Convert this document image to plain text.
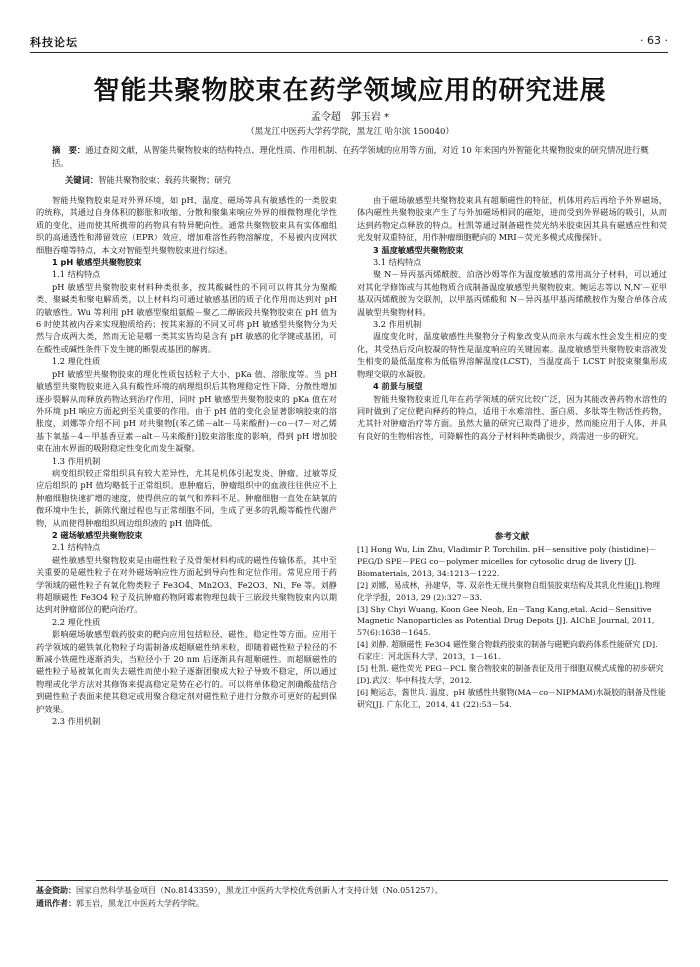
科技论坛	· 63 ·
智能共聚物胶束在药学领域应用的研究进展
孟令超　郭玉岩 *
（黑龙江中医药大学药学院，黑龙江 哈尔滨 150040）
摘　要：通过查阅文献，从智能共聚物胶束的结构特点、理化性质、作用机制、在药学领域的应用等方面，对近 10 年来国内外智能化共聚物胶束的研究情况进行概括。
关键词：智能共聚物胶束；载药共聚物；研究
智能共聚物胶束是对外界环境，如 pH、温度、磁场等具有敏感性的一类胶束的统称，其通过自身体积的膨胀和收缩、分散和聚集来响应外界的细微物理化学性质的变化，进而使其所携带的药物具有特异靶向性。通常共聚物胶束具有实体瘤组织的高通透性和滞留效应（EPR）效应，增加难溶性药物溶解度，不易被内皮网状细胞吞噬等特点，本文对智能型共聚物胶束进行综述。
1 pH 敏感型共聚物胶束
1.1 结构特点
pH 敏感型共聚物胶束材料种类很多，按其酸碱性的不同可以将其分为聚酸类、聚碱类和聚电解质类，以上材料均可通过敏感基团的质子化作用而达到对 pH 的敏感性。Wu 等利用 pH 敏感型聚组氨酸－聚乙二醇嵌段共聚物胶束在 pH 值为 6 时使其被内吞来实现胞质给药；按其来源的不同又可将 pH 敏感型共聚物分为天然与合成两大类，然而无论是哪一类其实皆均是含有 pH 敏感的化学键或基团，可在酸性或碱性条件下发生键的断裂或基团的解离。
1.2 理化性质
pH 敏感型共聚物胶束的理化性质包括粒子大小、pKa 值、溶胀度等。当 pH 敏感型共聚物胶束进入具有酸性环境的病理组织后其物理稳定性下降、分散性增加逐步裂解从而释放药物达到治疗作用，同时 pH 敏感型共聚物胶束的 pKa 值在对外环境 pH 响应方面起到至关重要的作用。由于 pH 值的变化会显著影响胶束的溶胀度，刘娜等介绍不同 pH 对共聚物[(苯乙烯－alt－马来酸酐)－co－(7－对乙烯基卞氧基－4－甲基香豆素－alt－马来酸酐)]胶束溶胀度的影响，得到 pH 增加胶束在油水界面的吸附稳定性变化而发生凝聚。
1.3 作用机制
病变组织较正常组织具有较大差异性，尤其是机体引起发炎、肿瘤、过敏等反应后组织的 pH 值均略低于正常组织。患肿瘤后，肿瘤组织中的血液往往供应不上肿瘤细胞快速扩增的速度，使得供应的氧气和养料不足。肿瘤细胞一直处在缺氧的微环境中生长，新陈代谢过程也与正常细胞不同，生成了更多的乳酸等酸性代谢产物，从而使得肿瘤组织周边组织液的 pH 值降低。
2 磁场敏感型共聚物胶束
2.1 结构特点
磁性敏感型共聚物胶束是由磁性粒子及骨架材料构成的磁性传输体系，其中至关重要的是磁性粒子在对外磁场响应性方面起到导向性和定位作用。常见应用于药学领域的磁性粒子有氧化物类粒子 Fe3O4、Mn2O3、Fe2O3、Ni、Fe 等。刘静将超顺磁性 Fe3O4 粒子及抗肿瘤药物阿霉素物理包载于三嵌段共聚物胶束内以期达到对肿瘤部位的靶向治疗。
2.2 理化性质
影响磁场敏感型载药胶束的靶向应用包括粒径、磁性、稳定性等方面。应用于药学领域的磁铁氧化物粒子均需制备成超顺磁性纳米粒，即随着磁性粒子粒径的不断减小铁磁性逐渐消失，当粒径小于 20 nm 后逐渐具有超顺磁性。而超顺磁性的磁性粒子易被氧化而失去磁性而使小粒子逐渐团聚成大粒子导致不稳定，所以通过物理或化学方法对其修饰来提高稳定是势在必行的。可以将单体稳定剂确酸盐结合到磁性粒子表面来使其稳定或用聚合稳定剂对磁性粒子进行分散亦可更好的起到保护效果。
2.3 作用机制
由于磁场敏感型共聚物胶束具有超顺磁性的特征，机体用药后再给予外界磁场，体内磁性共聚物胶束产生了与外加磁场相同的磁矩，进而受到外界磁场的吸引，从而达到药物定点释放的特点。杜凯等通过制备磁性荧光纳米胶束因其具有磁感应性和荧光发射双重特征，用作肿瘤细胞靶向的 MRI－荧光多模式成像探针。
3 温度敏感型共聚物胶束
3.1 结构特点
聚 N－异丙基丙烯酰胺、泊洛沙姆等作为温度敏感的常用高分子材料，可以通过对其化学修饰或与其他物质合成制备温度敏感型共聚物胶束。鲍运志等以 N,N′－亚甲基双丙烯酰胺为交联剂，以甲基丙烯酸和 N－异丙基甲基丙烯酰胺作为聚合单体合成温敏型共聚物材料。
3.2 作用机制
温度变化时，温度敏感性共聚物分子构象改变从而亲水与疏水性会发生相应的变化，其受热后反向胶凝的特性是温度响应的关键因素。温度敏感型共聚物胶束溶液发生相变的最低温度称为低临界溶解温度(LCST)，当温度高于 LCST 时胶束聚集形成物理交联的水凝胶。
4 前景与展望
智能共聚物胶束近几年在药学领域的研究比较广泛，因为其能改善药物水溶性的同时做到了定位靶向释药的特点，适用于水难溶性、蛋白质、多肽等生物活性药物，尤其针对肿瘤治疗等方面。虽然大量的研究已取得了进步，然而能应用于人体，并具有良好的生物相容性，可降解性的高分子材料种类确很少，尚需进一步的研究。
参考文献
[1] Hong Wu, Lin Zhu, Vladimir P. Torchilin. pH－sensitive poly (histidine)－PEG/D SPE－PEG co－polymer micelles for cytosolic drug de livery [J]. Biomaterials, 2013, 34:1213－1222.
[2] 刘娜，易成林，孙建华，等. 双亲性无规共聚物自组装胶束结构及其乳化性能[J].物理化学学报，2013, 29 (2):327－33.
[3] Shy Chyi Wuang, Koon Gee Neoh, En－Tang Kang,etal. Acid－Sensitive Magnetic Nanoparticles as Potential Drug Depots [J]. AIChE Journal, 2011, 57(6):1638－1645.
[4] 刘静. 超顺磁性 Fe3O4 磁性聚合物载药胶束的制备与磁靶向载药体系性能研究 [D]. 石家庄：河北医科大学，2013，1－161.
[5] 杜凯. 磁性荧光 PEG－PCL 聚合物胶束的制备表征及用于细胞双模式成像的初步研究[D].武汉：华中科技大学，2012.
[6] 鲍运志，酱世兵. 温度、pH 敏感性共聚物(MA－co－NIPMAM)水凝胶的制备及性能研究[J]. 广东化工，2014, 41 (22):53－54.
基金资助：国家自然科学基金项目（No.8143359），黑龙江中医药大学校优秀创新人才支持计划（No.051257）。
通讯作者：郭玉岩，黑龙江中医药大学药学院。
